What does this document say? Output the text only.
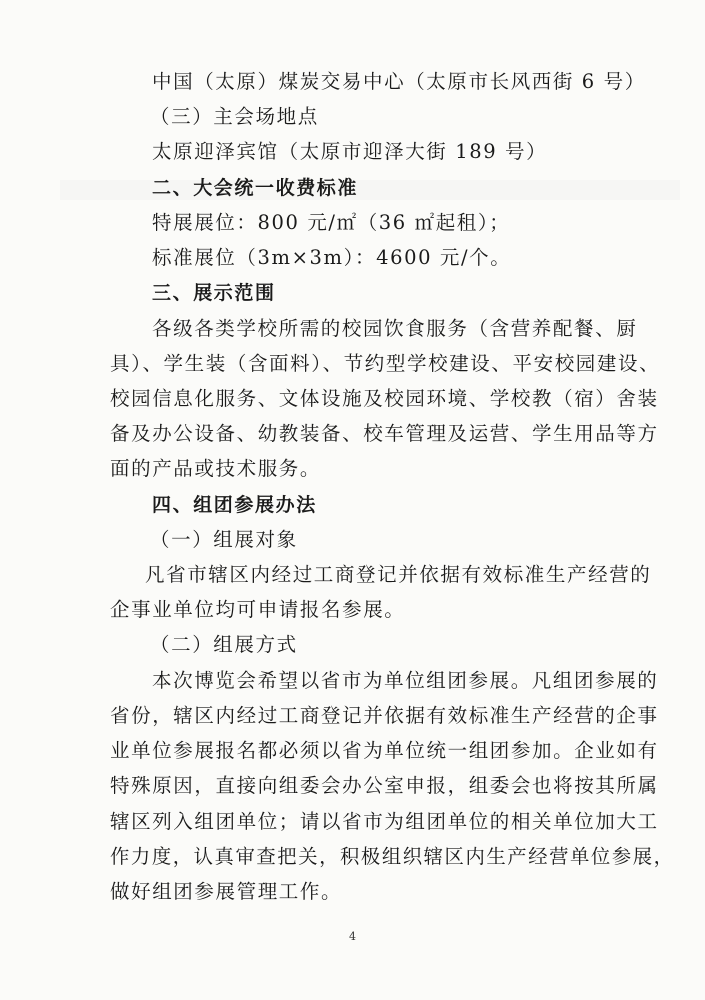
中国（太原）煤炭交易中心（太原市长风西街 6 号）
（三）主会场地点
太原迎泽宾馆（太原市迎泽大街 189 号）
二、大会统一收费标准
特展展位：800 元/㎡（36 ㎡起租）；
标准展位（3m×3m）：4600 元/个。
三、展示范围
各级各类学校所需的校园饮食服务（含营养配餐、厨
具）、学生装（含面料）、节约型学校建设、平安校园建设、
校园信息化服务、文体设施及校园环境、学校教（宿）舍装
备及办公设备、幼教装备、校车管理及运营、学生用品等方
面的产品或技术服务。
四、组团参展办法
（一）组展对象
凡省市辖区内经过工商登记并依据有效标准生产经营的
企事业单位均可申请报名参展。
（二）组展方式
本次博览会希望以省市为单位组团参展。凡组团参展的
省份，辖区内经过工商登记并依据有效标准生产经营的企事
业单位参展报名都必须以省为单位统一组团参加。企业如有
特殊原因，直接向组委会办公室申报，组委会也将按其所属
辖区列入组团单位；请以省市为组团单位的相关单位加大工
作力度，认真审查把关，积极组织辖区内生产经营单位参展，
做好组团参展管理工作。
4
